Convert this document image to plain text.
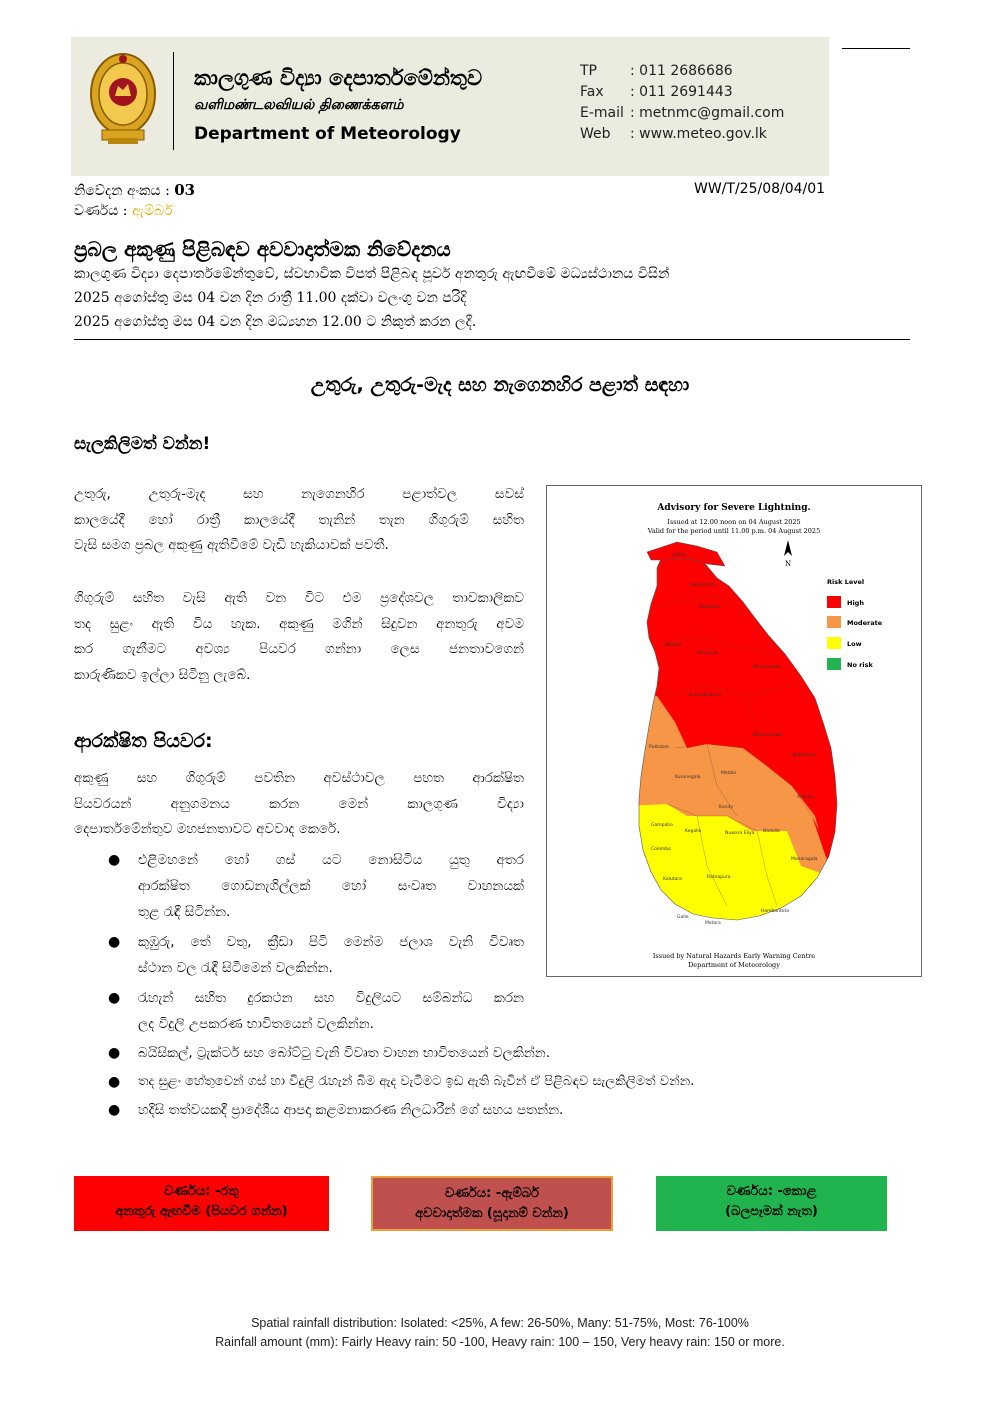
කාලගුණ විද්‍යා දෙපාර්තමේන්තුව
வளிமண்டலவியல் திணைக்களம்
Department of Meteorology
TP : 011 2686686
Fax : 011 2691443
E-mail : metnmc@gmail.com
Web : www.meteo.gov.lk
නිවේදන අංකය : 03	WW/T/25/08/04/01
වර්ණය : ඇම්බර්
ප්‍රබල අකුණු පිළිබඳව අවවාදාත්මක නිවේදනය
කාලගුණ විද්‍යා දෙපාර්තමේන්තුවේ, ස්වභාවික විපත් පිළිබඳ පූර්ව අනතුරු ඇඟවීමේ මධ්‍යස්ථානය විසින්
2025 අගෝස්තු මස 04 වන දින රාත්‍රී 11.00 දක්වා වලංගු වන පරිදි
2025 අගෝස්තු මස 04 වන දින මධ්‍යහන 12.00 ට නිකුත් කරන ලදී.
උතුරු, උතුරු-මැද සහ නැගෙනහිර පළාත් සඳහා
සැලකිලිමත් වන්න!
උතුරු, උතුරු-මැද සහ නැගෙනහිර පළාත්වල සවස්
කාලයේදී හෝ රාත්‍රී කාලයේදී තැනින් තැන ගිගුරුම් සහිත
වැසි සමග ප්‍රබල අකුණු ඇතිවීමේ වැඩි හැකියාවක් පවතී.
ගිගුරුම් සහිත වැසි ඇති වන විට එම ප්‍රදේශවල තාවකාලිකව
තද සුළං ඇති විය හැක. අකුණු මගින් සිදුවන අනතුරු අවම
කර ගැනීමට අවශ්‍ය පියවර ගන්නා ලෙස ජනතාවගෙන්
කාරුණිකව ඉල්ලා සිටිනු ලැබේ.
ආරක්ෂිත පියවර:
අකුණු සහ ගිගුරුම් පවතින අවස්ථාවල පහත ආරක්ෂිත
පියවරයන් අනුගමනය කරන මෙන් කාලගුණ විද්‍යා
දෙපාර්තමේන්තුව මහජනතාවට අවවාද කෙරේ.
● එළිමහනේ හෝ ගස් යට නොසිටිය යුතු අතර
ආරක්ෂිත ගොඩනැගිල්ලක් හෝ සංවෘත වාහනයක්
තුළ රැඳී සිටින්න.
● කුඹුරු, තේ වතු, ක්‍රීඩා පිටි මෙන්ම ජලාශ වැනි විවෘත
ස්ථාන වල රැඳී සිටීමෙන් වලකින්න.
● රැහැන් සහිත දුරකථන සහ විදුලියට සම්බන්ධ කරන
ලද විදුලි උපකරණ භාවිතයෙන් වලකින්න.
● බයිසිකල්, ට්‍රැක්ටර් සහ බෝට්ටු වැනි විවෘත වාහන භාවිතයෙන් වලකින්න.
● තද සුළං හේතුවෙන් ගස් හා විදුලි රැහැන් බිම ඇද වැටීමට ඉඩ ඇති බැවින් ඒ පිළිබඳව සැලකිලිමත් වන්න.
● හදිසි තත්වයකදී ප්‍රාදේශීය ආපදා කළමනාකරණ නිලධාරීන් ගේ සහය පතන්න.
Advisory for Severe Lightning.
Issued at 12.00 noon on 04 August 2025
Valid for the period until 11.00 p.m. 04 August 2025
N
Jaffna
Kilinochchi
Mullaitivu
Mannar
Vavuniya
Trincomalee
Anuradhapura
Polonnaruwa
Puttalam
Kurunegala
Matale
Batticaloa
Kandy
Ampara
Gampaha
Kegalle	Nuwara Eliya Badulla
Colombo
Monaragala
Kalutara	Ratnapura
Galle
Hambantota
Matara
Risk Level
High
Moderate
Low
No risk
Issued by Natural Hazards Early Warning Centre
Department of Meteorology
වර්ණය: -රතු
අනතුරු ඇඟවීම (පියවර ගන්න)
වර්ණය: -ඇම්බර්
අවවාදාත්මක (සූදානම් වන්න)
වර්ණය: -කොළ
(බලපෑමක් නැත)
Spatial rainfall distribution: Isolated: <25%, A few: 26-50%, Many: 51-75%, Most: 76-100%
Rainfall amount (mm): Fairly Heavy rain: 50 -100, Heavy rain: 100 – 150, Very heavy rain: 150 or more.
